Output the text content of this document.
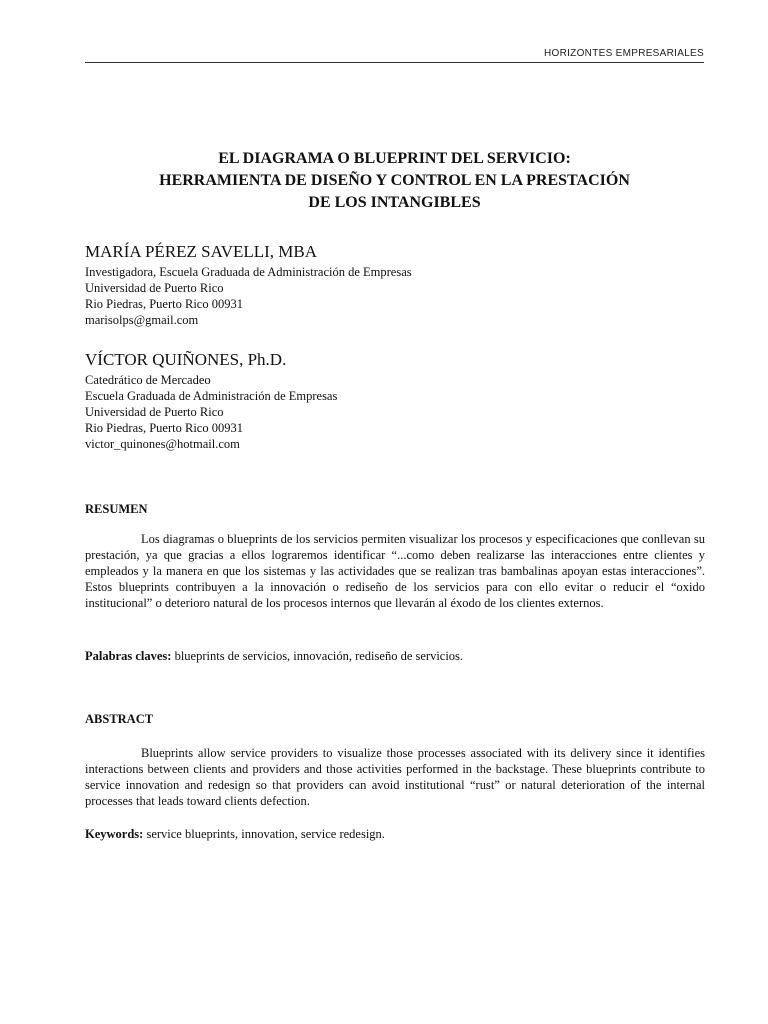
HORIZONTES EMPRESARIALES
EL DIAGRAMA O BLUEPRINT DEL SERVICIO:
HERRAMIENTA DE DISEÑO Y CONTROL EN LA PRESTACIÓN
DE LOS INTANGIBLES
MARÍA PÉREZ SAVELLI, MBA
Investigadora, Escuela Graduada de Administración de Empresas
Universidad de Puerto Rico
Rio Piedras, Puerto Rico 00931
marisolps@gmail.com
VÍCTOR QUIÑONES, Ph.D.
Catedrático de Mercadeo
Escuela Graduada de Administración de Empresas
Universidad de Puerto Rico
Rio Piedras, Puerto Rico 00931
victor_quinones@hotmail.com
RESUMEN
Los diagramas o blueprints de los servicios permiten visualizar los procesos y especificaciones que conllevan su prestación, ya que gracias a ellos lograremos identificar “...como deben realizarse las interacciones entre clientes y empleados y la manera en que los sistemas y las actividades que se realizan tras bambalinas apoyan estas interacciones”. Estos blueprints contribuyen a la innovación o rediseño de los servicios para con ello evitar o reducir el “oxido institucional” o deterioro natural de los procesos internos que llevarán al éxodo de los clientes externos.
Palabras claves: blueprints de servicios, innovación, rediseño de servicios.
ABSTRACT
Blueprints allow service providers to visualize those processes associated with its delivery since it identifies interactions between clients and providers and those activities performed in the backstage. These blueprints contribute to service innovation and redesign so that providers can avoid institutional “rust” or natural deterioration of the internal processes that leads toward clients defection.
Keywords: service blueprints, innovation, service redesign.
